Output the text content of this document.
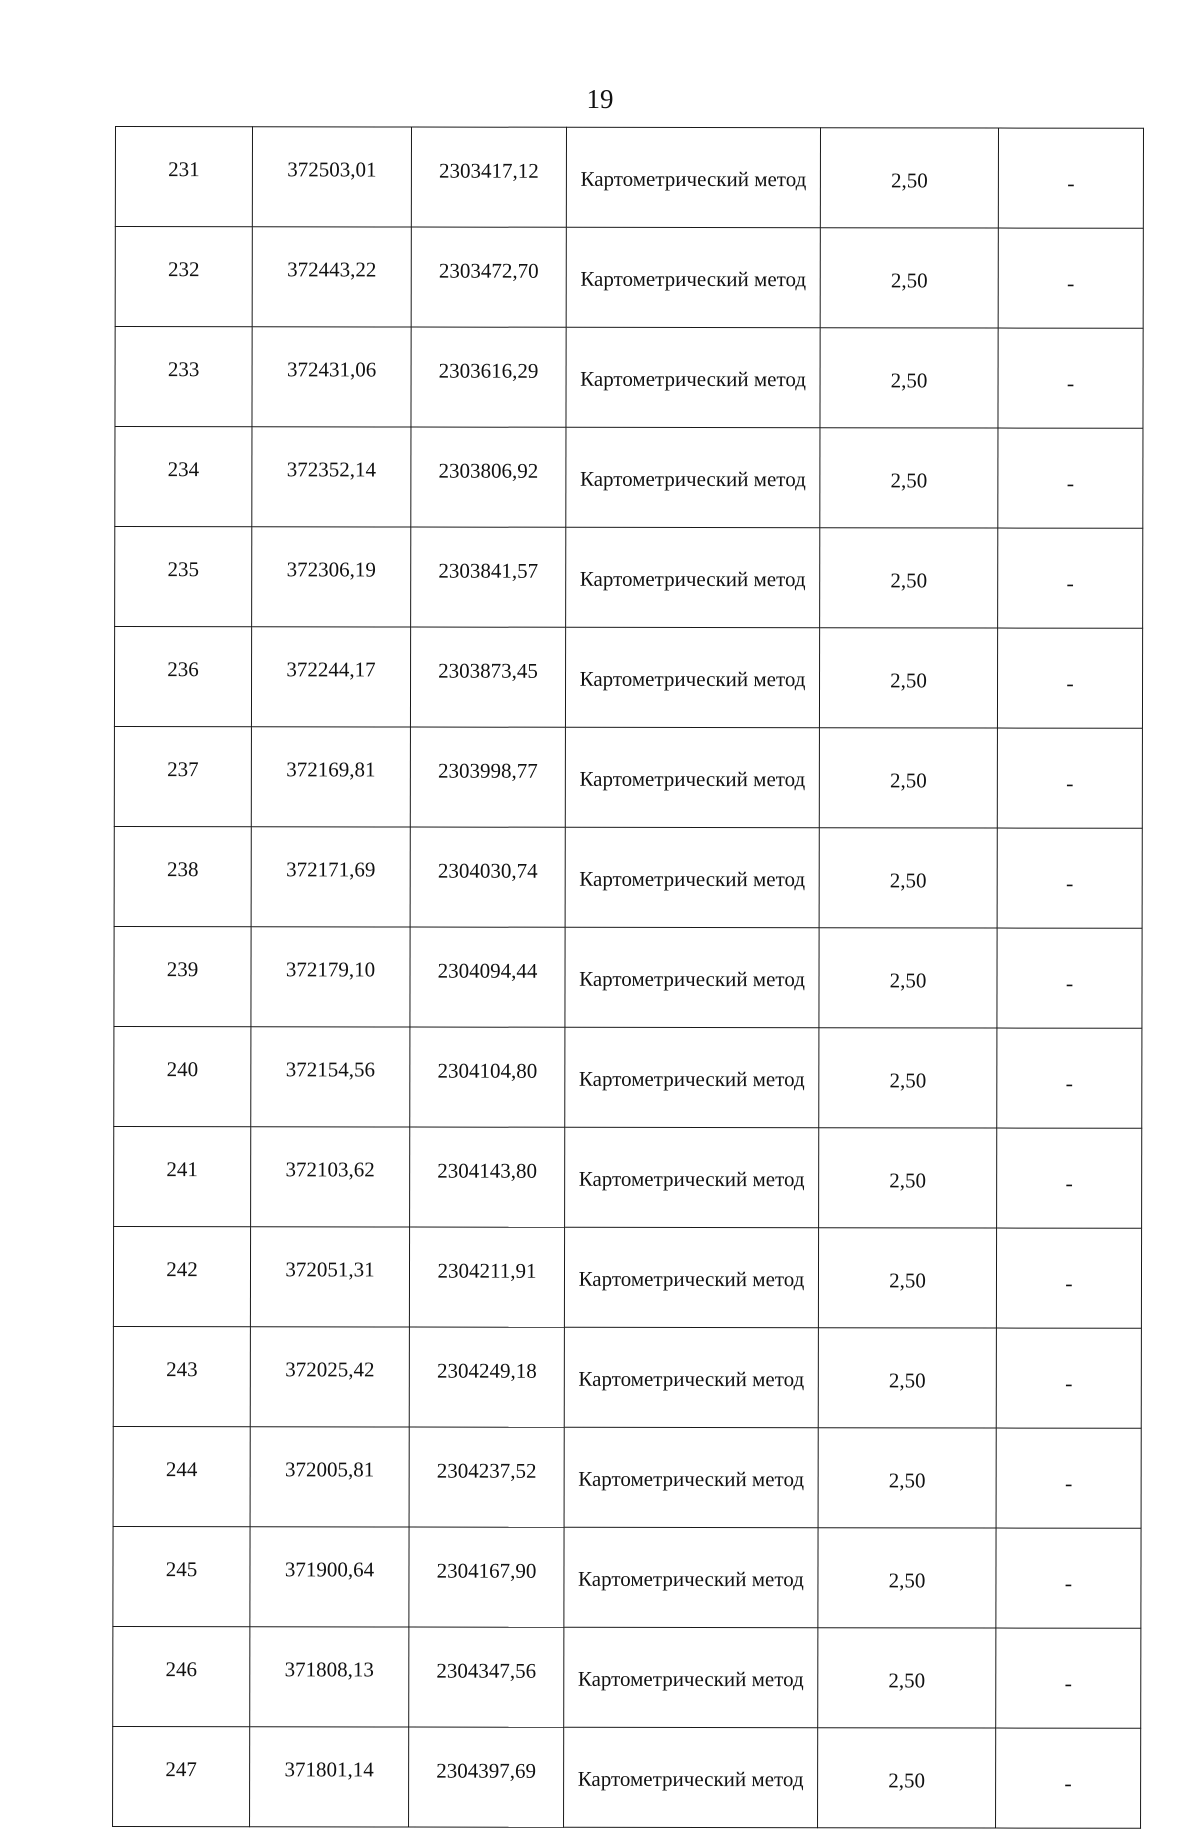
19
231	372503,01	2303417,12	Картометрический метод	2,50	-
232	372443,22	2303472,70	Картометрический метод	2,50	-
233	372431,06	2303616,29	Картометрический метод	2,50	-
234	372352,14	2303806,92	Картометрический метод	2,50	-
235	372306,19	2303841,57	Картометрический метод	2,50	-
236	372244,17	2303873,45	Картометрический метод	2,50	-
237	372169,81	2303998,77	Картометрический метод	2,50	-
238	372171,69	2304030,74	Картометрический метод	2,50	-
239	372179,10	2304094,44	Картометрический метод	2,50	-
240	372154,56	2304104,80	Картометрический метод	2,50	-
241	372103,62	2304143,80	Картометрический метод	2,50	-
242	372051,31	2304211,91	Картометрический метод	2,50	-
243	372025,42	2304249,18	Картометрический метод	2,50	-
244	372005,81	2304237,52	Картометрический метод	2,50	-
245	371900,64	2304167,90	Картометрический метод	2,50	-
246	371808,13	2304347,56	Картометрический метод	2,50	-
247	371801,14	2304397,69	Картометрический метод	2,50	-
